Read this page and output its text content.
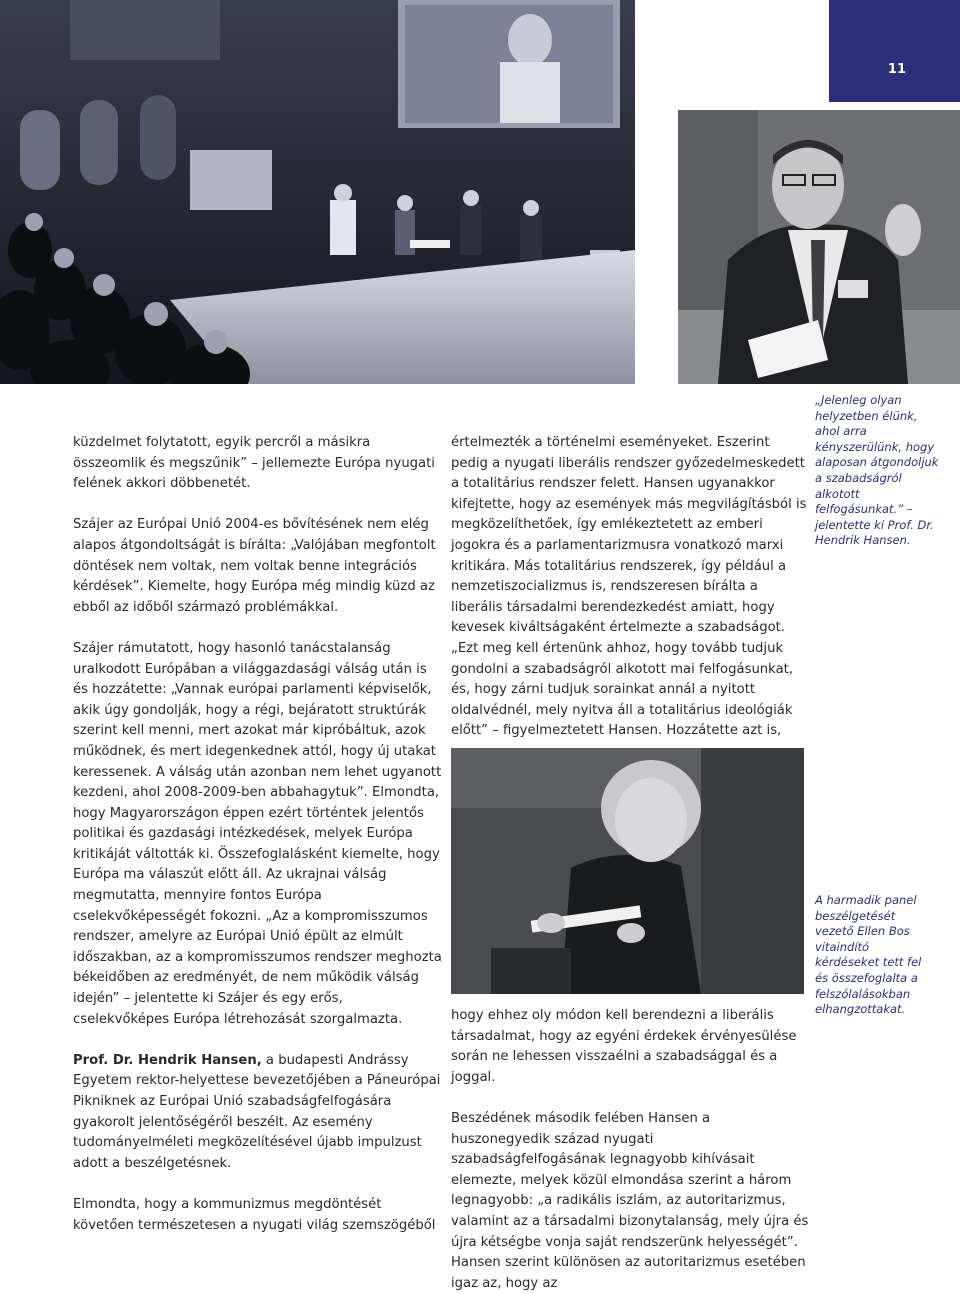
11

küzdelmet folytatott, egyik percről a másikra összeomlik és megszűnik” – jellemezte Európa nyugati felének akkori döbbenetét.

Szájer az Európai Unió 2004-es bővítésének nem elég alapos átgondoltságát is bírálta: „Valójában megfontolt döntések nem voltak, nem voltak benne integrációs kérdések”. Kiemelte, hogy Európa még mindig küzd az ebből az időből származó problémákkal.

Szájer rámutatott, hogy hasonló tanácstalanság uralkodott Európában a világgazdasági válság után is és hozzátette: „Vannak európai parlamenti képviselők, akik úgy gondolják, hogy a régi, bejáratott struktúrák szerint kell menni, mert azokat már kipróbáltuk, azok működnek, és mert idegenkednek attól, hogy új utakat keressenek. A válság után azonban nem lehet ugyanott kezdeni, ahol 2008-2009-ben abbahagytuk”. Elmondta, hogy Magyarországon éppen ezért történtek jelentős politikai és gazdasági intézkedések, melyek Európa kritikáját váltották ki. Összefoglalásként kiemelte, hogy Európa ma válaszút előtt áll. Az ukrajnai válság megmutatta, mennyire fontos Európa cselekvőképességét fokozni. „Az a kompromisszumos rendszer, amelyre az Európai Unió épült az elmúlt időszakban, az a kompromisszumos rendszer meghozta békeidőben az eredményét, de nem működik válság idején” – jelentette ki Szájer és egy erős, cselekvőképes Európa létrehozását szorgalmazta.

Prof. Dr. Hendrik Hansen, a budapesti Andrássy Egyetem rektor-helyettese bevezetőjében a Páneurópai Pikniknek az Európai Unió szabadságfelfogására gyakorolt jelentőségéről beszélt. Az esemény tudományelméleti megközelítésével újabb impulzust adott a beszélgetésnek.

Elmondta, hogy a kommunizmus megdöntését követően természetesen a nyugati világ szemszögéből

értelmezték a történelmi eseményeket. Eszerint pedig a nyugati liberális rendszer győzedelmeskedett a totalitárius rendszer felett. Hansen ugyanakkor kifejtette, hogy az események más megvilágításból is megközelíthetőek, így emlékeztetett az emberi jogokra és a parlamentarizmusra vonatkozó marxi kritikára. Más totalitárius rendszerek, így például a nemzetiszocializmus is, rendszeresen bírálta a liberális társadalmi berendezkedést amiatt, hogy kevesek kiváltságaként értelmezte a szabadságot. „Ezt meg kell értenünk ahhoz, hogy tovább tudjuk gondolni a szabadságról alkotott mai felfogásunkat, és, hogy zárni tudjuk sorainkat annál a nyitott oldalvédnél, mely nyitva áll a totalitárius ideológiák előtt” – figyelmeztetett Hansen. Hozzátette azt is,

hogy ehhez oly módon kell berendezni a liberális társadalmat, hogy az egyéni érdekek érvényesülése során ne lehessen visszaélni a szabadsággal és a joggal.

Beszédének második felében Hansen a huszonegyedik század nyugati szabadságfelfogásának legnagyobb kihívásait elemezte, melyek közül elmondása szerint a három legnagyobb: „a radikális iszlám, az autoritarizmus, valamint az a társadalmi bizonytalanság, mely újra és újra kétségbe vonja saját rendszerünk helyességét”. Hansen szerint különösen az autoritarizmus esetében igaz az, hogy az

„Jelenleg olyan helyzetben élünk, ahol arra kényszerülünk, hogy alaposan átgondoljuk a szabadságról alkotott felfogásunkat.” – jelentette ki Prof. Dr. Hendrik Hansen.
A harmadik panel beszélgetését vezető Ellen Bos vitaindító kérdéseket tett fel és összefoglalta a felszólalásokban elhangzottakat.
